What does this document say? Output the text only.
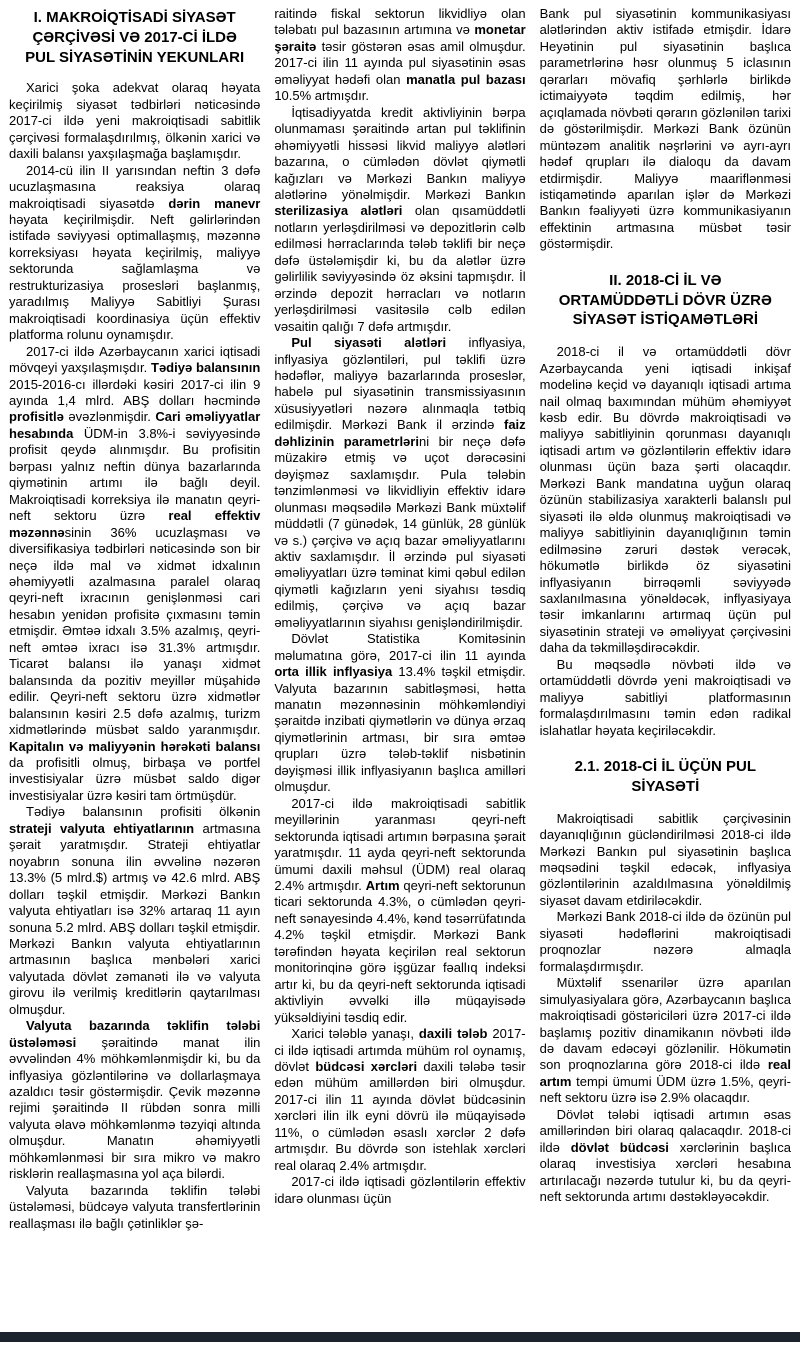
I. MAKROİQTİSADİ SİYASƏT ÇƏRÇİVƏSİ VƏ 2017-Cİ İLDƏ PUL SİYASƏTİNİN YEKUNLARI

Xarici şoka adekvat olaraq həyata keçirilmiş siyasət tədbirləri nəticəsində 2017-ci ildə yeni makroiqtisadi sabitlik çərçivəsi formalaşdırılmış, ölkənin xarici və daxili balansı yaxşılaşmağa başlamışdır.

2014-cü ilin II yarısından neftin 3 dəfə ucuzlaşmasına reaksiya olaraq makroiqtisadi siyasətdə dərin manevr həyata keçirilmişdir. Neft gəlirlərindən istifadə səviyyəsi optimallaşmış, məzənnə korreksiyası həyata keçirilmiş, maliyyə sektorunda sağlamlaşma və restrukturizasiya prosesləri başlanmış, yaradılmış Maliyyə Sabitliyi Şurası makroiqtisadi koordinasiya üçün effektiv platforma rolunu oynamışdır.

2017-ci ildə Azərbaycanın xarici iqtisadi mövqeyi yaxşılaşmışdır. Tədiyə balansının 2015-2016-cı illərdəki kəsiri 2017-ci ilin 9 ayında 1,4 mlrd. ABŞ dolları həcmində profisitlə əvəzlənmişdir. Cari əməliyyatlar hesabında ÜDM-in 3.8%-i səviyyəsində profisit qeydə alınmışdır. Bu profisitin bərpası yalnız neftin dünya bazarlarında qiymətinin artımı ilə bağlı deyil. Makroiqtisadi korreksiya ilə manatın qeyri-neft sektoru üzrə real effektiv məzənnəsinin 36% ucuzlaşması və diversifikasiya tədbirləri nəticəsində son bir neçə ildə mal və xidmət idxalının əhəmiyyətli azalmasına paralel olaraq qeyri-neft ixracının genişlənməsi cari hesabın yenidən profisitə çıxmasını təmin etmişdir. Əmtəə idxalı 3.5% azalmış, qeyri-neft əmtəə ixracı isə 31.3% artmışdır. Ticarət balansı ilə yanaşı xidmət balansında da pozitiv meyillər müşahidə edilir. Qeyri-neft sektoru üzrə xidmətlər balansının kəsiri 2.5 dəfə azalmış, turizm xidmətlərində müsbət saldo yaranmışdır. Kapitalın və maliyyənin hərəkəti balansı da profisitli olmuş, birbaşa və portfel investisiyalar üzrə müsbət saldo digər investisiyalar üzrə kəsiri tam örtmüşdür.

Tədiyə balansının profisiti ölkənin strateji valyuta ehtiyatlarının artmasına şərait yaratmışdır. Strateji ehtiyatlar noyabrın sonuna ilin əvvəlinə nəzərən 13.3% (5 mlrd.$) artmış və 42.6 mlrd. ABŞ dolları təşkil etmişdir. Mərkəzi Bankın valyuta ehtiyatları isə 32% artaraq 11 ayın sonuna 5.2 mlrd. ABŞ dolları təşkil etmişdir. Mərkəzi Bankın valyuta ehtiyatlarının artmasının başlıca mənbələri xarici valyutada dövlət zəmanəti ilə və valyuta girovu ilə verilmiş kreditlərin qaytarılması olmuşdur.

Valyuta bazarında təklifin tələbi üstələməsi şəraitində manat ilin əvvəlindən 4% möhkəmlənmişdir ki, bu da inflyasiya gözləntilərinə və dollarlaşmaya azaldıcı təsir göstərmişdir. Çevik məzənnə rejimi şəraitində II rübdən sonra milli valyuta əlavə möhkəmlənmə təzyiqi altında olmuşdur. Manatın əhəmiyyətli möhkəmlənməsi bir sıra mikro və makro risklərin reallaşmasına yol aça bilərdi.

Valyuta bazarında təklifin tələbi üstələməsi, büdcəyə valyuta transfertlərinin reallaşması ilə bağlı çətinliklər şə-

raitində fiskal sektorun likvidliyə olan tələbatı pul bazasının artımına və monetar şəraitə təsir göstərən əsas amil olmuşdur. 2017-ci ilin 11 ayında pul siyasətinin əsas əməliyyat hədəfi olan manatla pul bazası 10.5% artmışdır.

İqtisadiyyatda kredit aktivliyinin bərpa olunmaması şəraitində artan pul təklifinin əhəmiyyətli hissəsi likvid maliyyə alətləri bazarına, o cümlədən dövlət qiymətli kağızları və Mərkəzi Bankın maliyyə alətlərinə yönəlmişdir. Mərkəzi Bankın sterilizasiya alətləri olan qısamüddətli notların yerləşdirilməsi və depozitlərin cəlb edilməsi hərraclarında tələb təklifi bir neçə dəfə üstələmişdir ki, bu da alətlər üzrə gəlirlilik səviyyəsində öz əksini tapmışdır. İl ərzində depozit hərracları və notların yerləşdirilməsi vasitəsilə cəlb edilən vəsaitin qalığı 7 dəfə artmışdır.

Pul siyasəti alətləri inflyasiya, inflyasiya gözləntiləri, pul təklifi üzrə hədəflər, maliyyə bazarlarında proseslər, habelə pul siyasətinin transmissiyasının xüsusiyyətləri nəzərə alınmaqla tətbiq edilmişdir. Mərkəzi Bank il ərzində faiz dəhlizinin parametrlərini bir neçə dəfə müzakirə etmiş və uçot dərəcəsini dəyişməz saxlamışdır. Pula tələbin tənzimlənməsi və likvidliyin effektiv idarə olunması məqsədilə Mərkəzi Bank müxtəlif müddətli (7 günədək, 14 günlük, 28 günlük və s.) çərçivə və açıq bazar əməliyyatlarını aktiv saxlamışdır. İl ərzində pul siyasəti əməliyyatları üzrə təminat kimi qəbul edilən qiymətli kağızların yeni siyahısı təsdiq edilmiş, çərçivə və açıq bazar əməliyyatlarının siyahısı genişləndirilmişdir.

Dövlət Statistika Komitəsinin məlumatına görə, 2017-ci ilin 11 ayında orta illik inflyasiya 13.4% təşkil etmişdir. Valyuta bazarının sabitləşməsi, hətta manatın məzənnəsinin möhkəmləndiyi şəraitdə inzibati qiymətlərin və dünya ərzaq qiymətlərinin artması, bir sıra əmtəə qrupları üzrə tələb-təklif nisbətinin dəyişməsi illik inflyasiyanın başlıca amilləri olmuşdur.

2017-ci ildə makroiqtisadi sabitlik meyillərinin yaranması qeyri-neft sektorunda iqtisadi artımın bərpasına şərait yaratmışdır. 11 ayda qeyri-neft sektorunda ümumi daxili məhsul (ÜDM) real olaraq 2.4% artmışdır. Artım qeyri-neft sektorunun ticari sektorunda 4.3%, o cümlədən qeyri-neft sənayesində 4.4%, kənd təsərrüfatında 4.2% təşkil etmişdir. Mərkəzi Bank tərəfindən həyata keçirilən real sektorun monitorinqinə görə işgüzar fəallıq indeksi artır ki, bu da qeyri-neft sektorunda iqtisadi aktivliyin əvvəlki illə müqayisədə yüksəldiyini təsdiq edir.

Xarici tələblə yanaşı, daxili tələb 2017-ci ildə iqtisadi artımda mühüm rol oynamış, dövlət büdcəsi xərcləri daxili tələbə təsir edən mühüm amillərdən biri olmuşdur. 2017-ci ilin 11 ayında dövlət büdcəsinin xərcləri ilin ilk eyni dövrü ilə müqayisədə 11%, o cümlədən əsaslı xərclər 2 dəfə artmışdır. Bu dövrdə son istehlak xərcləri real olaraq 2.4% artmışdır.

2017-ci ildə iqtisadi gözləntilərin effektiv idarə olunması üçün

Bank pul siyasətinin kommunikasiyası alətlərindən aktiv istifadə etmişdir. İdarə Heyətinin pul siyasətinin başlıca parametrlərinə həsr olunmuş 5 iclasının qərarları mövafiq şərhlərlə birlikdə ictimaiyyətə təqdim edilmiş, hər açıqlamada növbəti qərarın gözlənilən tarixi də göstərilmişdir. Mərkəzi Bank özünün müntəzəm analitik nəşrlərini və ayrı-ayrı hədəf qrupları ilə dialoqu da davam etdirmişdir. Maliyyə maariflənməsi istiqamətində aparılan işlər də Mərkəzi Bankın fəaliyyəti üzrə kommunikasiyanın effektinin artmasına müsbət təsir göstərmişdir.

II. 2018-Cİ İL VƏ ORTAMÜDDƏTLİ DÖVR ÜZRƏ SİYASƏT İSTİQAMƏTLƏRİ

2018-ci il və ortamüddətli dövr Azərbaycanda yeni iqtisadi inkişaf modelinə keçid və dayanıqlı iqtisadi artıma nail olmaq baxımından mühüm əhəmiyyət kəsb edir. Bu dövrdə makroiqtisadi və maliyyə sabitliyinin qorunması dayanıqlı iqtisadi artım və gözləntilərin effektiv idarə olunması üçün baza şərti olacaqdır. Mərkəzi Bank mandatına uyğun olaraq özünün stabilizasiya xarakterli balanslı pul siyasəti ilə əldə olunmuş makroiqtisadi və maliyyə sabitliyinin dayanıqlığının təmin edilməsinə zəruri dəstək verəcək, hökumətlə birlikdə öz siyasətini inflyasiyanın birrəqəmli səviyyədə saxlanılmasına yönəldəcək, inflyasiyaya təsir imkanlarını artırmaq üçün pul siyasətinin strateji və əməliyyat çərçivəsini daha da təkmilləşdirəcəkdir.

Bu məqsədlə növbəti ildə və ortamüddətli dövrdə yeni makroiqtisadi və maliyyə sabitliyi platformasının formalaşdırılmasını təmin edən radikal islahatlar həyata keçiriləcəkdir.

2.1. 2018-Cİ İL ÜÇÜN PUL SİYASƏTİ

Makroiqtisadi sabitlik çərçivəsinin dayanıqlığının gücləndirilməsi 2018-ci ildə Mərkəzi Bankın pul siyasətinin başlıca məqsədini təşkil edəcək, inflyasiya gözləntilərinin azaldılmasına yönəldilmiş siyasət davam etdiriləcəkdir.

Mərkəzi Bank 2018-ci ildə də özünün pul siyasəti hədəflərini makroiqtisadi proqnozlar nəzərə almaqla formalaşdırmışdır.

Müxtəlif ssenarilər üzrə aparılan simulyasiyalara görə, Azərbaycanın başlıca makroiqtisadi göstəriciləri üzrə 2017-ci ildə başlamış pozitiv dinamikanın növbəti ildə də davam edəcəyi gözlənilir. Hökumətin son proqnozlarına görə 2018-ci ildə real artım tempi ümumi ÜDM üzrə 1.5%, qeyri-neft sektoru üzrə isə 2.9% olacaqdır.

Dövlət tələbi iqtisadi artımın əsas amillərindən biri olaraq qalacaqdır. 2018-ci ildə dövlət büdcəsi xərclərinin başlıca olaraq investisiya xərcləri hesabına artırılacağı nəzərdə tutulur ki, bu da qeyri-neft sektorunda artımı dəstəkləyəcəkdir.
